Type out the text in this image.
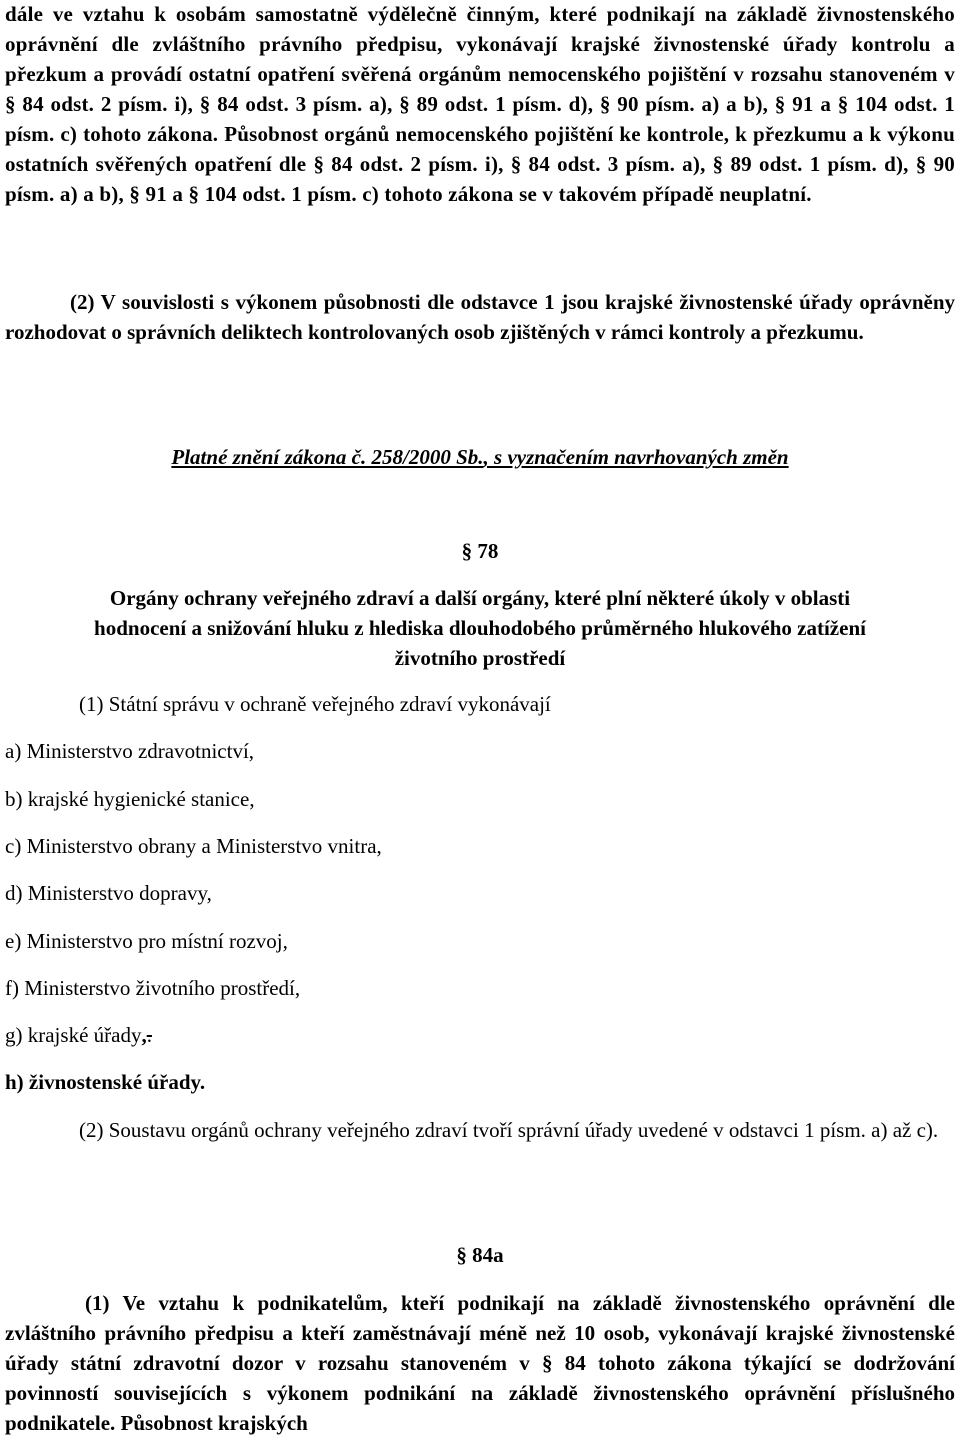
dále ve vztahu k osobám samostatně výdělečně činným, které podnikají na základě živnostenského oprávnění dle zvláštního právního předpisu, vykonávají krajské živnostenské úřady kontrolu a přezkum a provádí ostatní opatření svěřená orgánům nemocenského pojištění v rozsahu stanoveném v § 84 odst. 2 písm. i), § 84 odst. 3 písm. a), § 89 odst. 1 písm. d), § 90 písm. a) a b), § 91 a § 104 odst. 1 písm. c) tohoto zákona. Působnost orgánů nemocenského pojištění ke kontrole, k přezkumu a k výkonu ostatních svěřených opatření dle § 84 odst. 2 písm. i), § 84 odst. 3 písm. a), § 89 odst. 1 písm. d), § 90 písm. a) a b), § 91 a § 104 odst. 1 písm. c) tohoto zákona se v takovém případě neuplatní.

(2) V souvislosti s výkonem působnosti dle odstavce 1 jsou krajské živnostenské úřady oprávněny rozhodovat o správních deliktech kontrolovaných osob zjištěných v rámci kontroly a přezkumu.

Platné znění zákona č. 258/2000 Sb., s vyznačením navrhovaných změn
§ 78

Orgány ochrany veřejného zdraví a další orgány, které plní některé úkoly v oblasti

hodnocení a snižování hluku z hlediska dlouhodobého průměrného hlukového zatížení

životního prostředí

(1) Státní správu v ochraně veřejného zdraví vykonávají

a) Ministerstvo zdravotnictví,

b) krajské hygienické stanice,

c) Ministerstvo obrany a Ministerstvo vnitra,

d) Ministerstvo dopravy,

e) Ministerstvo pro místní rozvoj,

f) Ministerstvo životního prostředí,

g) krajské úřady,.

h) živnostenské úřady.

(2) Soustavu orgánů ochrany veřejného zdraví tvoří správní úřady uvedené v odstavci 1 písm. a) až c).

§ 84a

(1) Ve vztahu k podnikatelům, kteří podnikají na základě živnostenského oprávnění dle zvláštního právního předpisu a kteří zaměstnávají méně než 10 osob, vykonávají krajské živnostenské úřady státní zdravotní dozor v rozsahu stanoveném v § 84 tohoto zákona týkající se dodržování povinností souvisejících s výkonem podnikání na základě živnostenského oprávnění příslušného podnikatele. Působnost krajských
